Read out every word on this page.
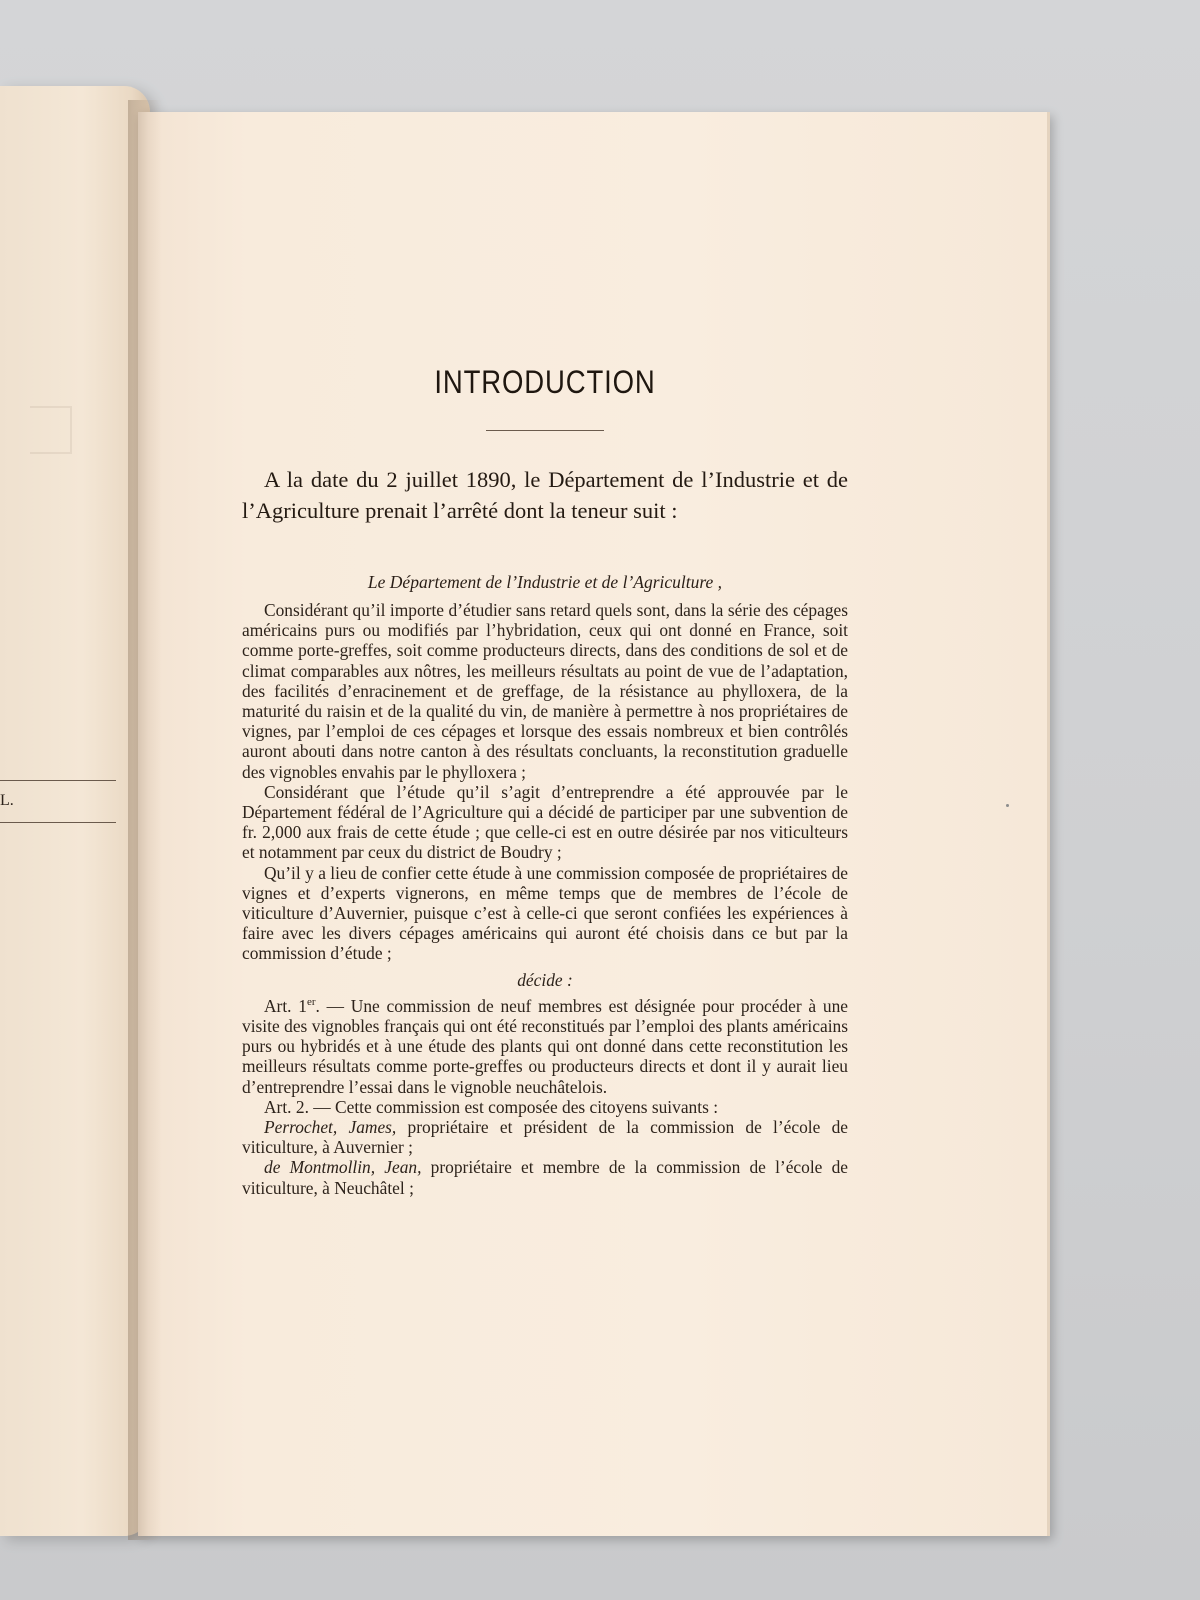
L.
INTRODUCTION

A la date du 2 juillet 1890, le Département de l’Industrie et de l’Agriculture prenait l’arrêté dont la teneur suit :

Le Département de l’Industrie et de l’Agriculture ,

Considérant qu’il importe d’étudier sans retard quels sont, dans la série des cépages américains purs ou modifiés par l’hybridation, ceux qui ont donné en France, soit comme porte-greffes, soit comme producteurs directs, dans des conditions de sol et de climat comparables aux nôtres, les meilleurs résultats au point de vue de l’adaptation, des facilités d’enracinement et de greffage, de la résistance au phylloxera, de la maturité du raisin et de la qualité du vin, de manière à permettre à nos propriétaires de vignes, par l’emploi de ces cépages et lorsque des essais nombreux et bien contrôlés auront abouti dans notre canton à des résultats concluants, la reconstitution graduelle des vignobles envahis par le phylloxera ;

Considérant que l’étude qu’il s’agit d’entreprendre a été approuvée par le Département fédéral de l’Agriculture qui a décidé de participer par une subvention de fr. 2,000 aux frais de cette étude ; que celle-ci est en outre désirée par nos viticulteurs et notamment par ceux du district de Boudry ;

Qu’il y a lieu de confier cette étude à une commission composée de propriétaires de vignes et d’experts vignerons, en même temps que de membres de l’école de viticulture d’Auvernier, puisque c’est à celle-ci que seront confiées les expériences à faire avec les divers cépages américains qui auront été choisis dans ce but par la commission d’étude ;

décide :

Art. 1er. — Une commission de neuf membres est désignée pour procéder à une visite des vignobles français qui ont été reconstitués par l’emploi des plants américains purs ou hybridés et à une étude des plants qui ont donné dans cette reconstitution les meilleurs résultats comme porte-greffes ou producteurs directs et dont il y aurait lieu d’entreprendre l’essai dans le vignoble neuchâtelois.

Art. 2. — Cette commission est composée des citoyens suivants :

Perrochet, James, propriétaire et président de la commission de l’école de viticulture, à Auvernier ;

de Montmollin, Jean, propriétaire et membre de la commission de l’école de viticulture, à Neuchâtel ;
